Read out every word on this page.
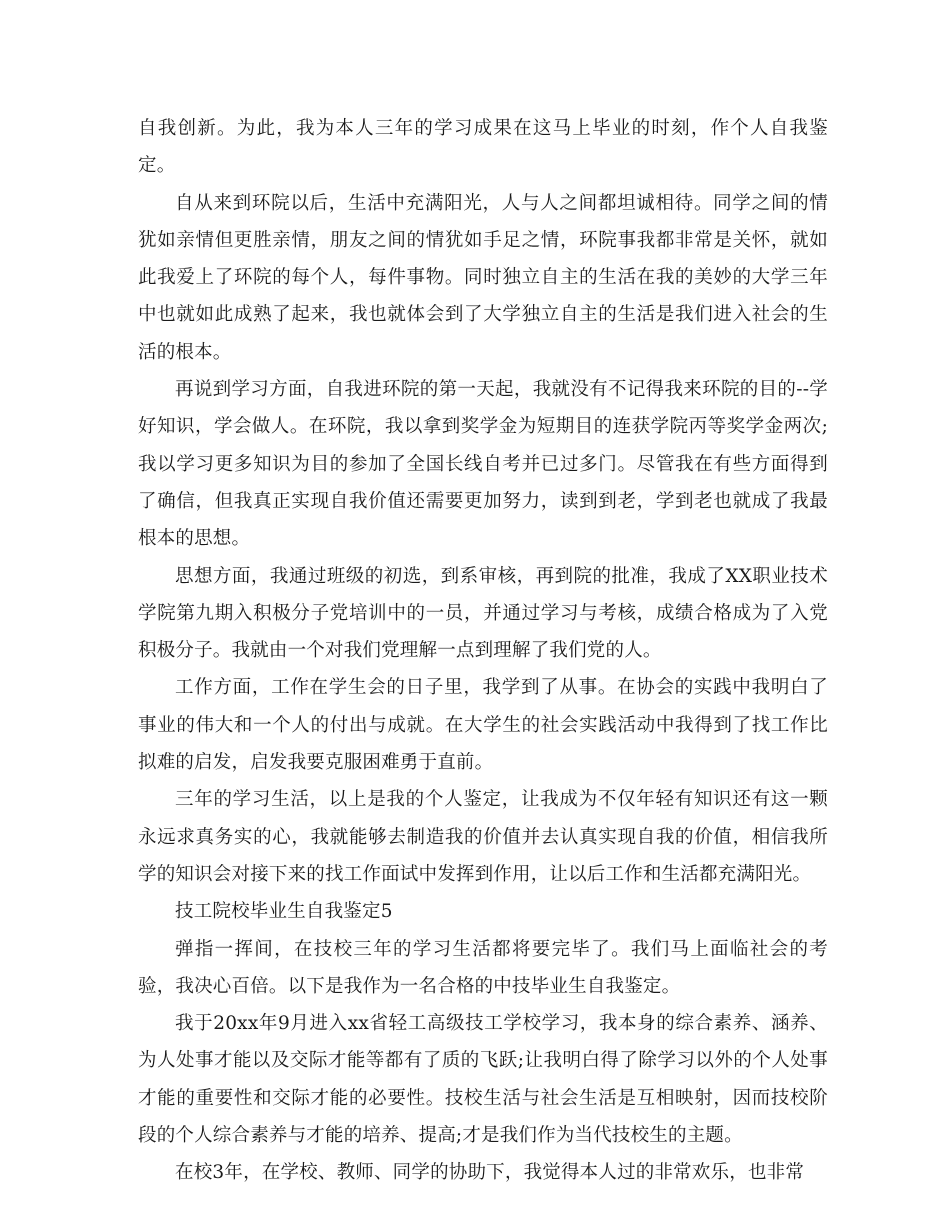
自我创新。为此，我为本人三年的学习成果在这马上毕业的时刻，作个人自我鉴定。

自从来到环院以后，生活中充满阳光，人与人之间都坦诚相待。同学之间的情犹如亲情但更胜亲情，朋友之间的情犹如手足之情，环院事我都非常是关怀，就如此我爱上了环院的每个人，每件事物。同时独立自主的生活在我的美妙的大学三年中也就如此成熟了起来，我也就体会到了大学独立自主的生活是我们进入社会的生活的根本。

再说到学习方面，自我进环院的第一天起，我就没有不记得我来环院的目的--学好知识，学会做人。在环院，我以拿到奖学金为短期目的连获学院丙等奖学金两次;我以学习更多知识为目的参加了全国长线自考并已过多门。尽管我在有些方面得到了确信，但我真正实现自我价值还需要更加努力，读到到老，学到老也就成了我最根本的思想。

思想方面，我通过班级的初选，到系审核，再到院的批准，我成了XX职业技术学院第九期入积极分子党培训中的一员，并通过学习与考核，成绩合格成为了入党积极分子。我就由一个对我们党理解一点到理解了我们党的人。

工作方面，工作在学生会的日子里，我学到了从事。在协会的实践中我明白了事业的伟大和一个人的付出与成就。在大学生的社会实践活动中我得到了找工作比拟难的启发，启发我要克服困难勇于直前。

三年的学习生活，以上是我的个人鉴定，让我成为不仅年轻有知识还有这一颗永远求真务实的心，我就能够去制造我的价值并去认真实现自我的价值，相信我所学的知识会对接下来的找工作面试中发挥到作用，让以后工作和生活都充满阳光。

技工院校毕业生自我鉴定5

弹指一挥间，在技校三年的学习生活都将要完毕了。我们马上面临社会的考验，我决心百倍。以下是我作为一名合格的中技毕业生自我鉴定。

我于20xx年9月进入xx省轻工高级技工学校学习，我本身的综合素养、涵养、为人处事才能以及交际才能等都有了质的飞跃;让我明白得了除学习以外的个人处事才能的重要性和交际才能的必要性。技校生活与社会生活是互相映射，因而技校阶段的个人综合素养与才能的培养、提高;才是我们作为当代技校生的主题。

在校3年，在学校、教师、同学的协助下，我觉得本人过的非常欢乐，也非常
